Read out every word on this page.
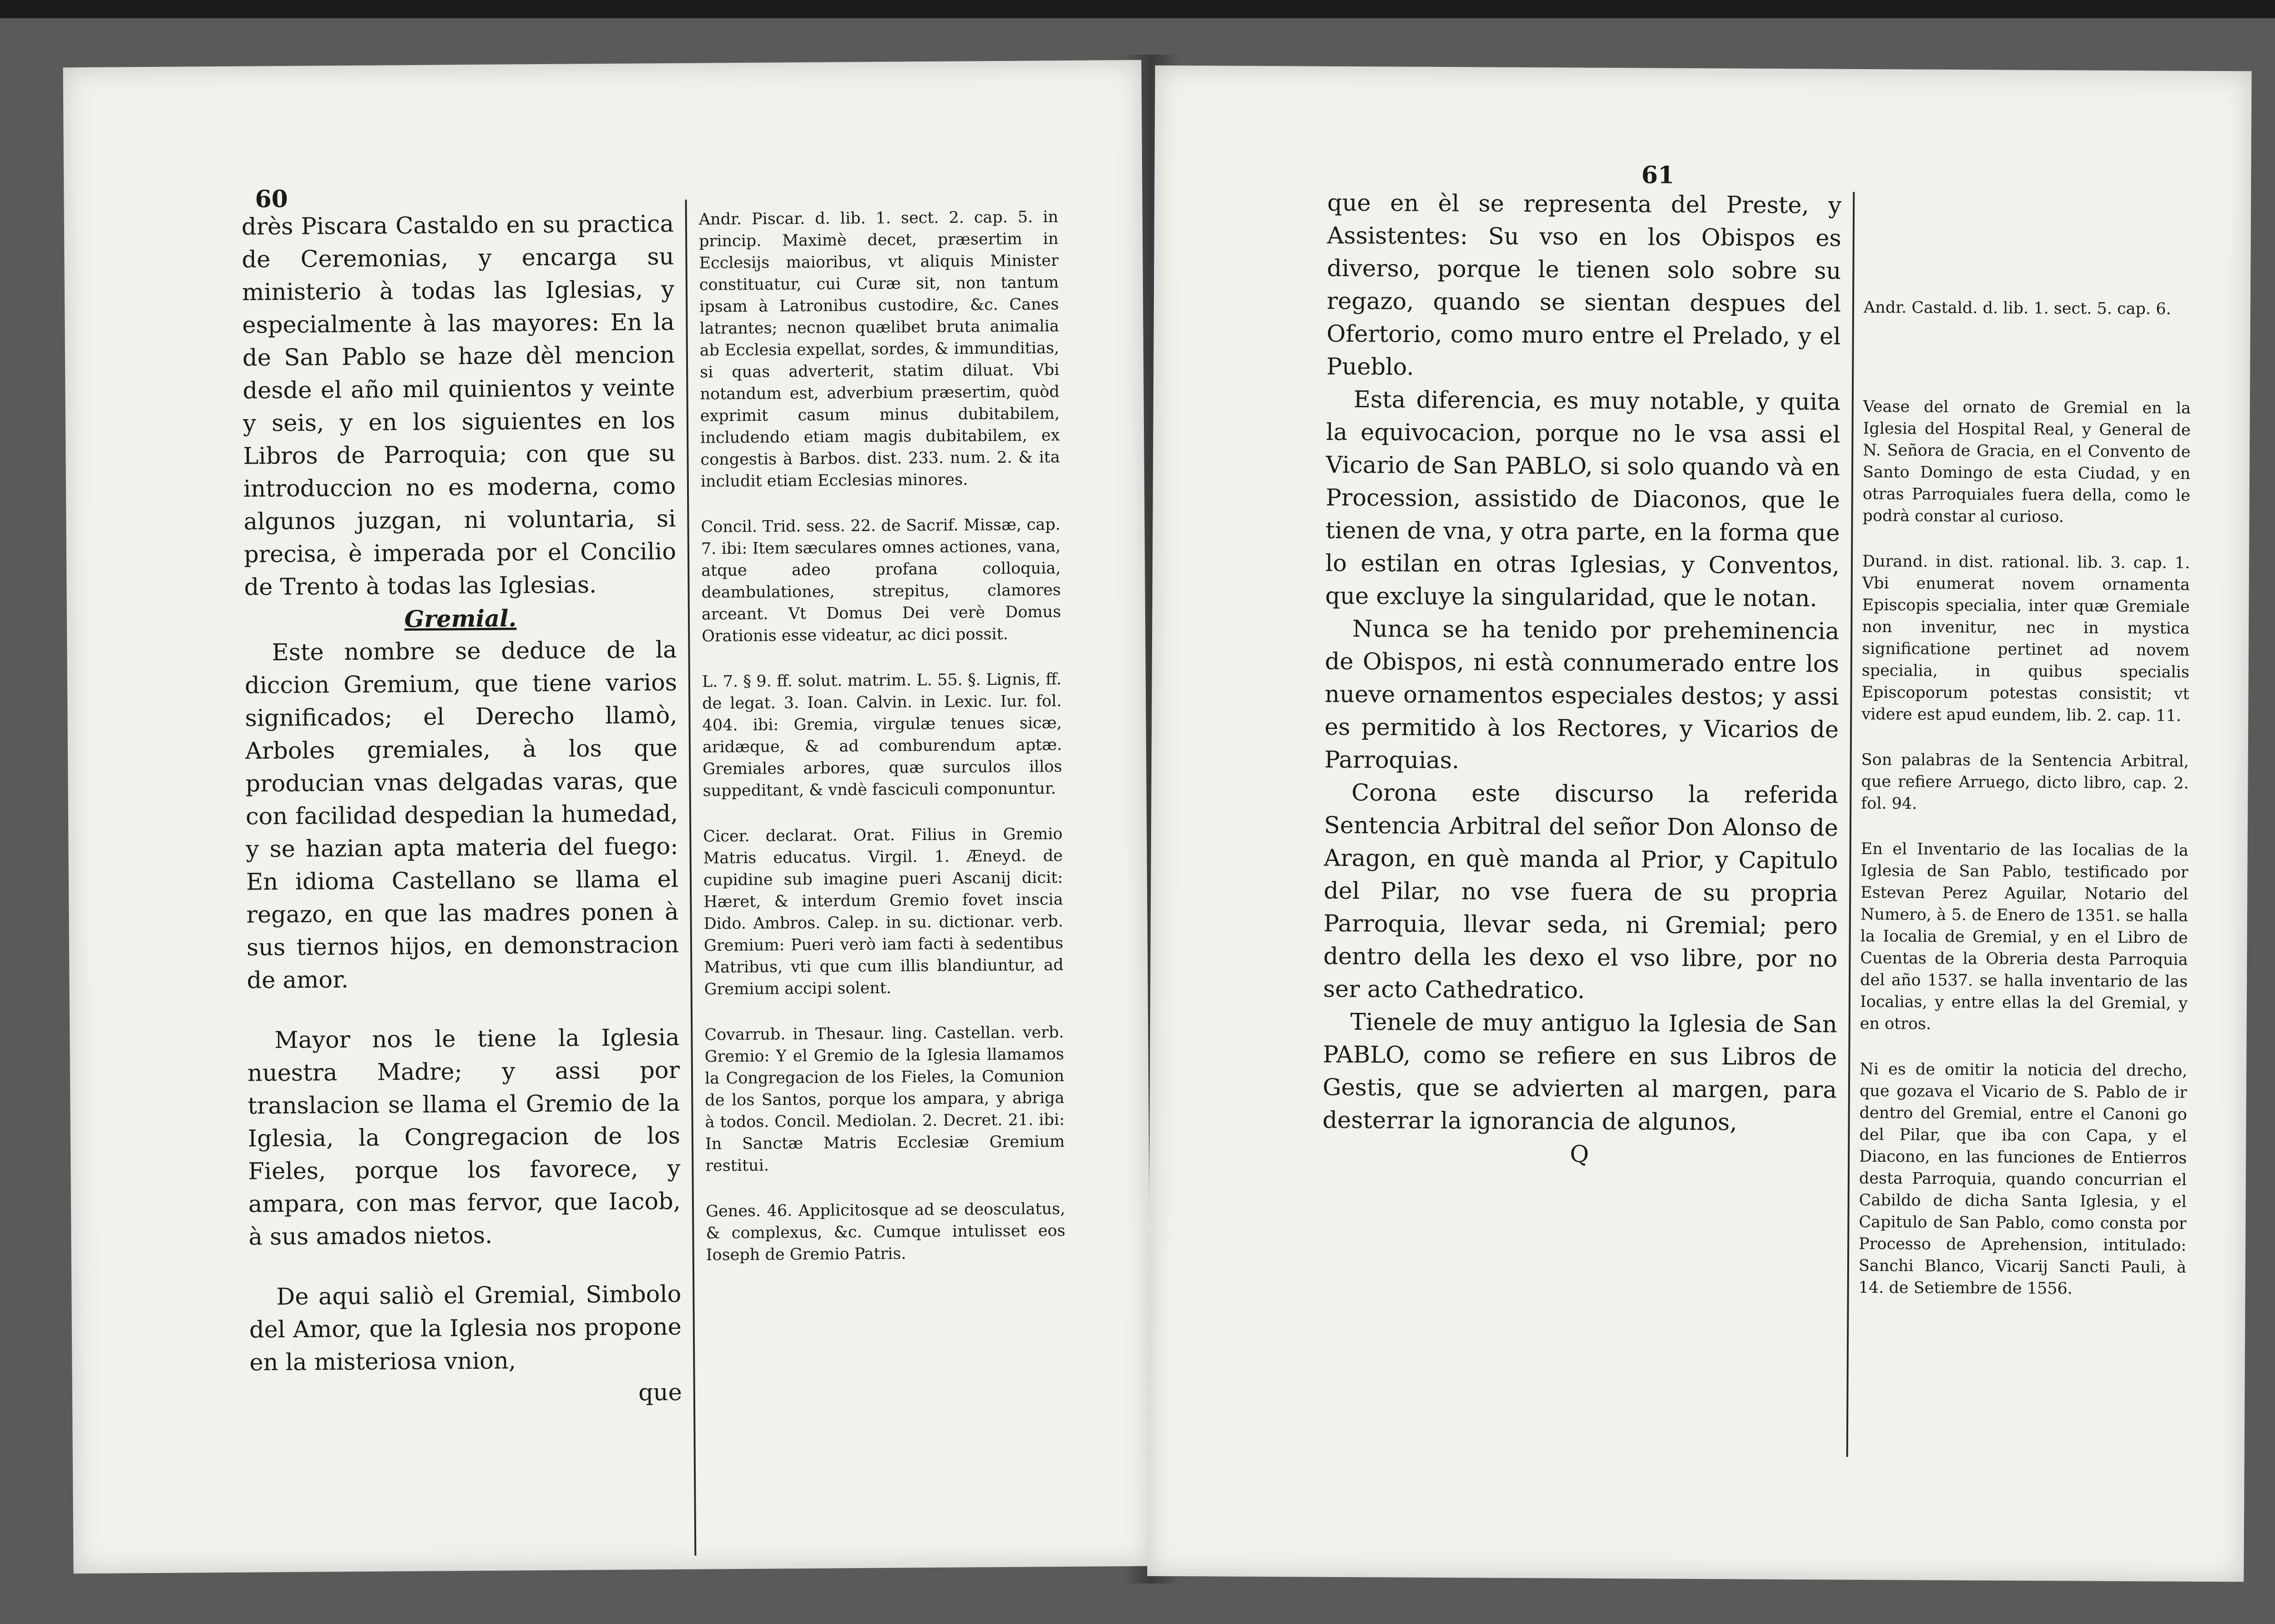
60

drès Piscara Castaldo en su practica de Ceremonias, y encarga su ministerio à todas las Iglesias, y especialmente à las mayores: En la de San Pablo se haze dèl mencion desde el año mil quinientos y veinte y seis, y en los siguientes en los Libros de Parroquia; con que su introduccion no es moderna, como algunos juzgan, ni voluntaria, si precisa, è imperada por el Concilio de Trento à todas las Iglesias.

Gremial.

Este nombre se deduce de la diccion Gremium, que tiene varios significados; el Derecho llamò, Arboles gremiales, à los que producian vnas delgadas varas, que con facilidad despedian la humedad, y se hazian apta materia del fuego: En idioma Castellano se llama el regazo, en que las madres ponen à sus tiernos hijos, en demonstracion de amor.

Mayor nos le tiene la Iglesia nuestra Madre; y assi por translacion se llama el Gremio de la Iglesia, la Congregacion de los Fieles, porque los favorece, y ampara, con mas fervor, que Iacob, à sus amados nietos.

De aqui saliò el Gremial, Simbolo del Amor, que la Iglesia nos propone en la misteriosa vnion,

que

Andr. Piscar. d. lib. 1. sect. 2. cap. 5. in princip. Maximè decet, præsertim in Ecclesijs maioribus, vt aliquis Minister constituatur, cui Curæ sit, non tantum ipsam à Latronibus custodire, &c. Canes latrantes; necnon quælibet bruta animalia ab Ecclesia expellat, sordes, & immunditias, si quas adverterit, statim diluat. Vbi notandum est, adverbium præsertim, quòd exprimit casum minus dubitabilem, includendo etiam magis dubitabilem, ex congestis à Barbos. dist. 233. num. 2. & ita includit etiam Ecclesias minores.

Concil. Trid. sess. 22. de Sacrif. Missæ, cap. 7. ibi: Item sæculares omnes actiones, vana, atque adeo profana colloquia, deambulationes, strepitus, clamores arceant. Vt Domus Dei verè Domus Orationis esse videatur, ac dici possit.

L. 7. § 9. ff. solut. matrim. L. 55. §. Lignis, ff. de legat. 3. Ioan. Calvin. in Lexic. Iur. fol. 404. ibi: Gremia, virgulæ tenues sicæ, aridæque, & ad comburendum aptæ. Gremiales arbores, quæ surculos illos suppeditant, & vndè fasciculi componuntur.

Cicer. declarat. Orat. Filius in Gremio Matris educatus. Virgil. 1. Æneyd. de cupidine sub imagine pueri Ascanij dicit: Hæret, & interdum Gremio fovet inscia Dido. Ambros. Calep. in su. dictionar. verb. Gremium: Pueri verò iam facti à sedentibus Matribus, vti que cum illis blandiuntur, ad Gremium accipi solent.

Covarrub. in Thesaur. ling. Castellan. verb. Gremio: Y el Gremio de la Iglesia llamamos la Congregacion de los Fieles, la Comunion de los Santos, porque los ampara, y abriga à todos. Concil. Mediolan. 2. Decret. 21. ibi: In Sanctæ Matris Ecclesiæ Gremium restitui.

Genes. 46. Applicitosque ad se deosculatus, & complexus, &c. Cumque intulisset eos Ioseph de Gremio Patris.

61

que en èl se representa del Preste, y Assistentes: Su vso en los Obispos es diverso, porque le tienen solo sobre su regazo, quando se sientan despues del Ofertorio, como muro entre el Prelado, y el Pueblo.

Esta diferencia, es muy notable, y quita la equivocacion, porque no le vsa assi el Vicario de San PABLO, si solo quando và en Procession, assistido de Diaconos, que le tienen de vna, y otra parte, en la forma que lo estilan en otras Iglesias, y Conventos, que excluye la singularidad, que le notan.

Nunca se ha tenido por preheminencia de Obispos, ni està connumerado entre los nueve ornamentos especiales destos; y assi es permitido à los Rectores, y Vicarios de Parroquias.

Corona este discurso la referida Sentencia Arbitral del señor Don Alonso de Aragon, en què manda al Prior, y Capitulo del Pilar, no vse fuera de su propria Parroquia, llevar seda, ni Gremial; pero dentro della les dexo el vso libre, por no ser acto Cathedratico.

Tienele de muy antiguo la Iglesia de San PABLO, como se refiere en sus Libros de Gestis, que se advierten al margen, para desterrar la ignorancia de algunos,

Q

Andr. Castald. d. lib. 1. sect. 5. cap. 6.

Vease del ornato de Gremial en la Iglesia del Hospital Real, y General de N. Señora de Gracia, en el Convento de Santo Domingo de esta Ciudad, y en otras Parroquiales fuera della, como le podrà constar al curioso.

Durand. in dist. rational. lib. 3. cap. 1. Vbi enumerat novem ornamenta Episcopis specialia, inter quæ Gremiale non invenitur, nec in mystica significatione pertinet ad novem specialia, in quibus specialis Episcoporum potestas consistit; vt videre est apud eundem, lib. 2. cap. 11.

Son palabras de la Sentencia Arbitral, que refiere Arruego, dicto libro, cap. 2. fol. 94.

En el Inventario de las Iocalias de la Iglesia de San Pablo, testificado por Estevan Perez Aguilar, Notario del Numero, à 5. de Enero de 1351. se halla la Iocalia de Gremial, y en el Libro de Cuentas de la Obreria desta Parroquia del año 1537. se halla inventario de las Iocalias, y entre ellas la del Gremial, y en otros.

Ni es de omitir la noticia del drecho, que gozava el Vicario de S. Pablo de ir dentro del Gremial, entre el Canoni go del Pilar, que iba con Capa, y el Diacono, en las funciones de Entierros desta Parroquia, quando concurrian el Cabildo de dicha Santa Iglesia, y el Capitulo de San Pablo, como consta por Processo de Aprehension, intitulado: Sanchi Blanco, Vicarij Sancti Pauli, à 14. de Setiembre de 1556.
